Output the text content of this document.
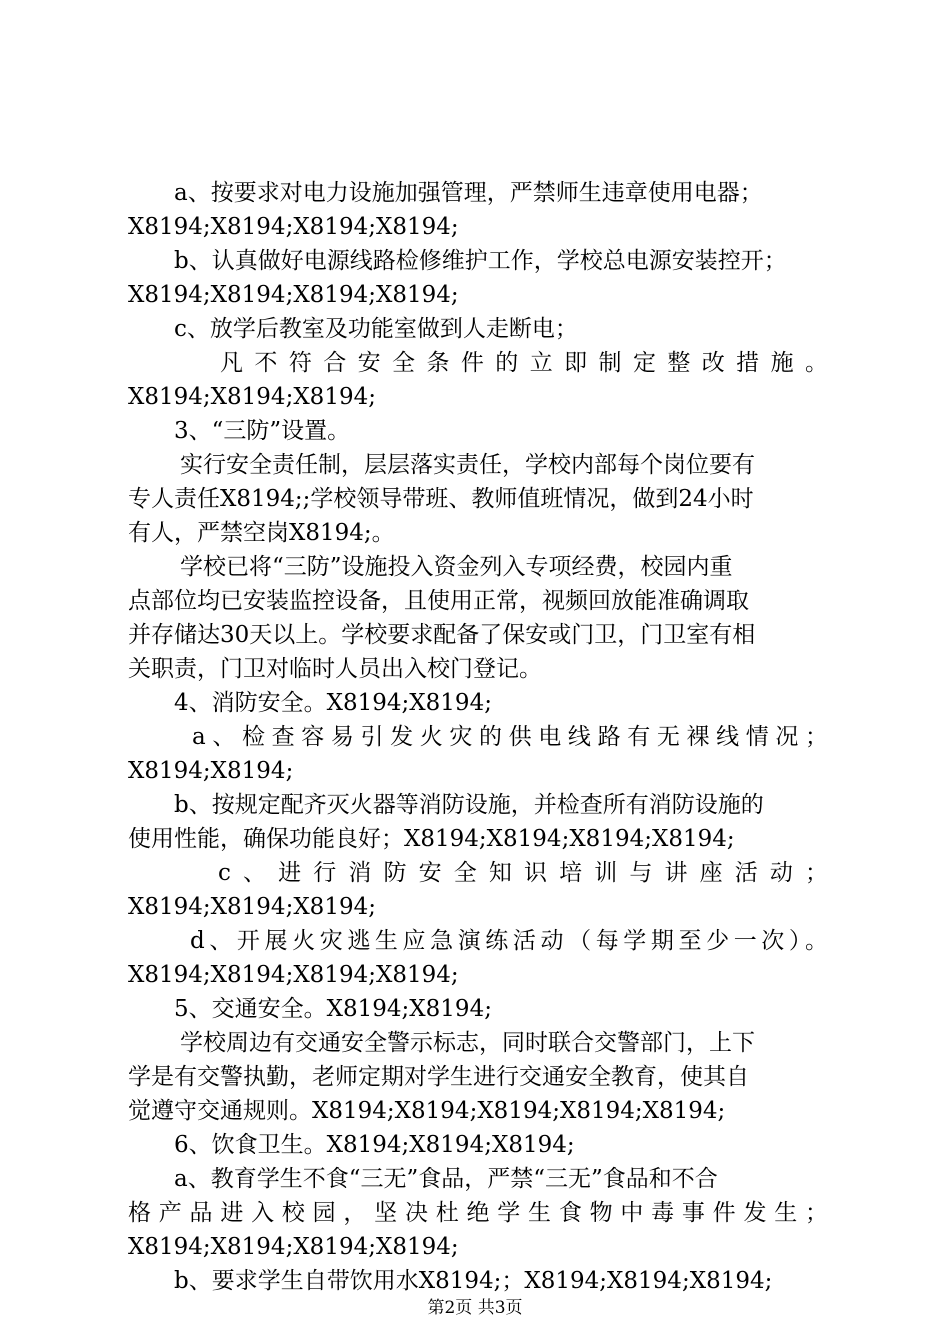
a、按要求对电力设施加强管理，严禁师生违章使用电器；
X8194;X8194;X8194;X8194;
b、认真做好电源线路检修维护工作，学校总电源安装控开；
X8194;X8194;X8194;X8194;
c、放学后教室及功能室做到人走断电；
凡不符合安全条件的立即制定整改措施。
X8194;X8194;X8194;
3、“三防”设置。
实行安全责任制，层层落实责任，学校内部每个岗位要有
专人责任X8194;;学校领导带班、教师值班情况，做到24小时
有人，严禁空岗X8194;。
学校已将“三防”设施投入资金列入专项经费，校园内重
点部位均已安装监控设备，且使用正常，视频回放能准确调取
并存储达30天以上。学校要求配备了保安或门卫，门卫室有相
关职责，门卫对临时人员出入校门登记。
4、消防安全。X8194;X8194;
a、检查容易引发火灾的供电线路有无裸线情况；
X8194;X8194;
b、按规定配齐灭火器等消防设施，并检查所有消防设施的
使用性能，确保功能良好；X8194;X8194;X8194;X8194;
c、进行消防安全知识培训与讲座活动；
X8194;X8194;X8194;
d、开展火灾逃生应急演练活动（每学期至少一次）。
X8194;X8194;X8194;X8194;
5、交通安全。X8194;X8194;
学校周边有交通安全警示标志，同时联合交警部门，上下
学是有交警执勤，老师定期对学生进行交通安全教育，使其自
觉遵守交通规则。X8194;X8194;X8194;X8194;X8194;
6、饮食卫生。X8194;X8194;X8194;
a、教育学生不食“三无”食品，严禁“三无”食品和不合
格产品进入校园，坚决杜绝学生食物中毒事件发生；
X8194;X8194;X8194;X8194;
b、要求学生自带饮用水X8194;；X8194;X8194;X8194;
第2页 共3页
